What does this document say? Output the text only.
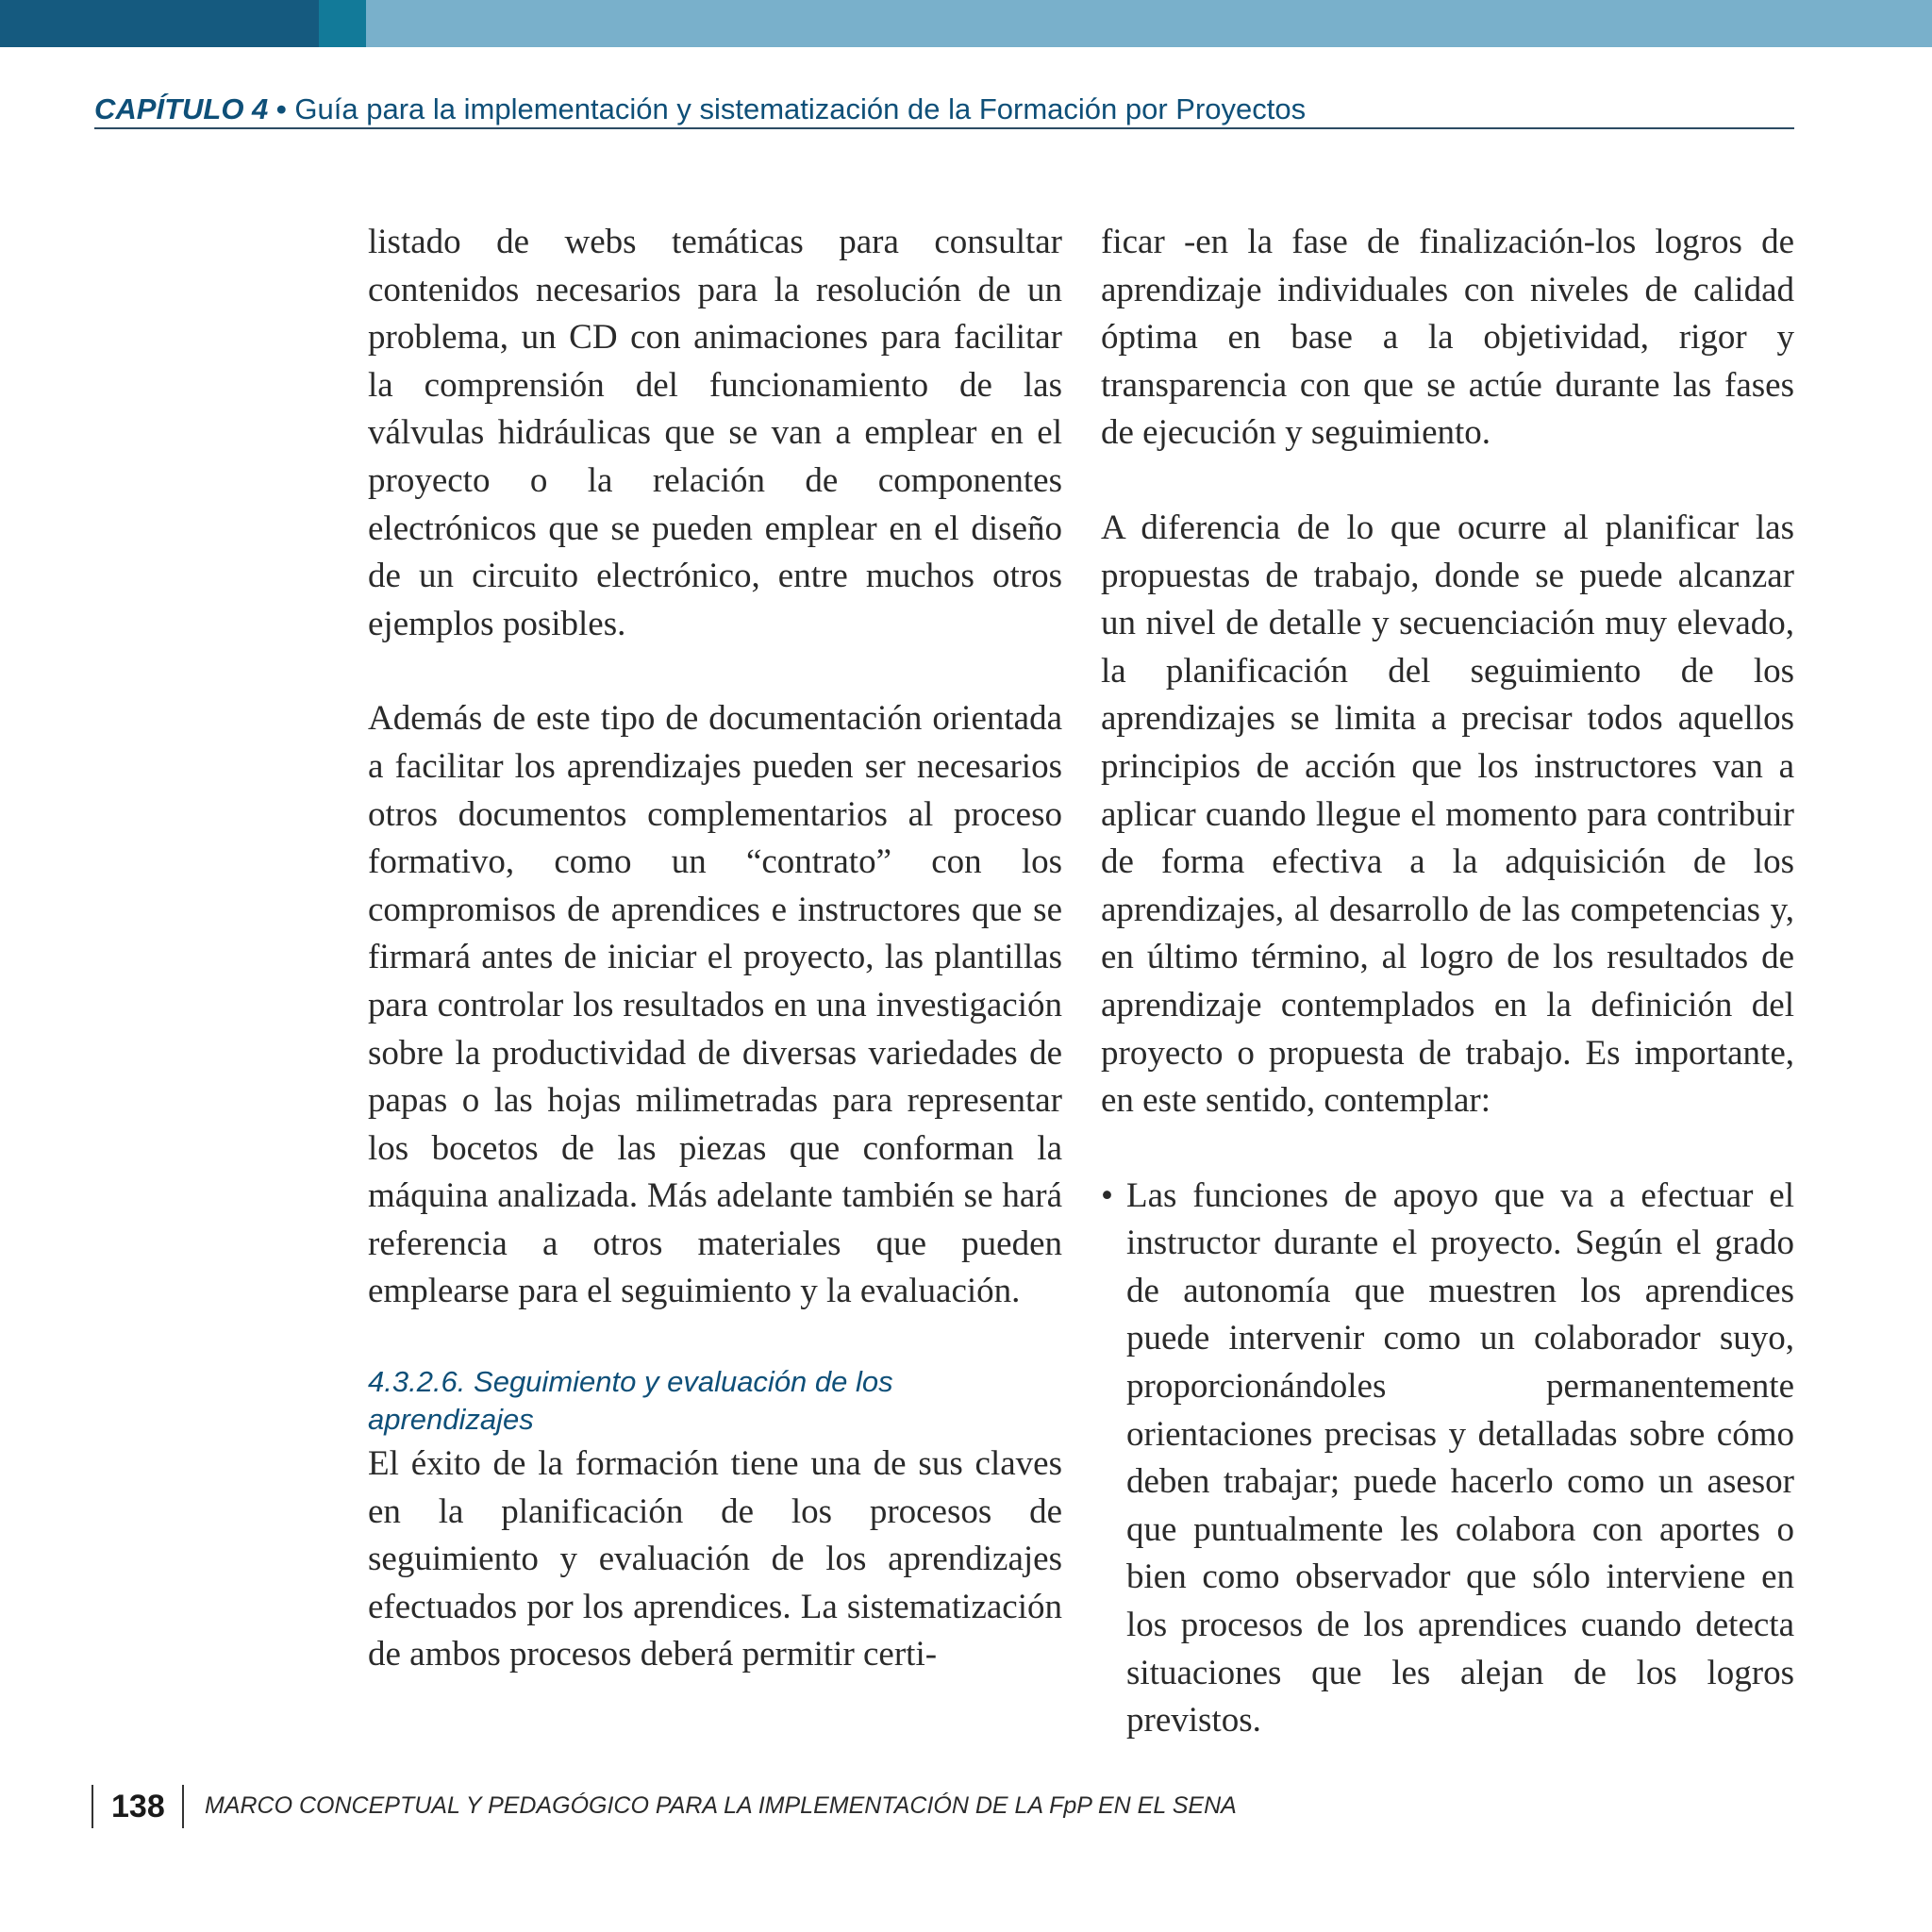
CAPÍTULO 4 • Guía para la implementación y sistematización de la Formación por Proyectos

listado de webs temáticas para consultar contenidos necesarios para la resolución de un problema, un CD con animaciones para facilitar la comprensión del funcionamiento de las válvulas hidráulicas que se van a emplear en el proyecto o la relación de componentes electrónicos que se pueden emplear en el diseño de un circuito electrónico, entre muchos otros ejemplos posibles.

Además de este tipo de documentación orientada a facilitar los aprendizajes pueden ser necesarios otros documentos complementarios al proceso formativo, como un “contrato” con los compromisos de aprendices e instructores que se firmará antes de iniciar el proyecto, las plantillas para controlar los resultados en una investigación sobre la productividad de diversas variedades de papas o las hojas milimetradas para representar los bocetos de las piezas que conforman la máquina analizada. Más adelante también se hará referencia a otros materiales que pueden emplearse para el seguimiento y la evaluación.

4.3.2.6. Seguimiento y evaluación de los aprendizajes

El éxito de la formación tiene una de sus claves en la planificación de los procesos de seguimiento y evaluación de los aprendizajes efectuados por los aprendices. La sistematización de ambos procesos deberá permitir certi-

ficar -en la fase de finalización-los logros de aprendizaje individuales con niveles de calidad óptima en base a la objetividad, rigor y transparencia con que se actúe durante las fases de ejecución y seguimiento.

A diferencia de lo que ocurre al planificar las propuestas de trabajo, donde se puede alcanzar un nivel de detalle y secuenciación muy elevado, la planificación del seguimiento de los aprendizajes se limita a precisar todos aquellos principios de acción que los instructores van a aplicar cuando llegue el momento para contribuir de forma efectiva a la adquisición de los aprendizajes, al desarrollo de las competencias y, en último término, al logro de los resultados de aprendizaje contemplados en la definición del proyecto o propuesta de trabajo. Es importante, en este sentido, contemplar:

• Las funciones de apoyo que va a efectuar el instructor durante el proyecto. Según el grado de autonomía que muestren los aprendices puede intervenir como un colaborador suyo, proporcionándoles permanentemente orientaciones precisas y detalladas sobre cómo deben trabajar; puede hacerlo como un asesor que puntualmente les colabora con aportes o bien como observador que sólo interviene en los procesos de los aprendices cuando detecta situaciones que les alejan de los logros previstos.
138 MARCO CONCEPTUAL Y PEDAGÓGICO PARA LA IMPLEMENTACIÓN DE LA FpP EN EL SENA
